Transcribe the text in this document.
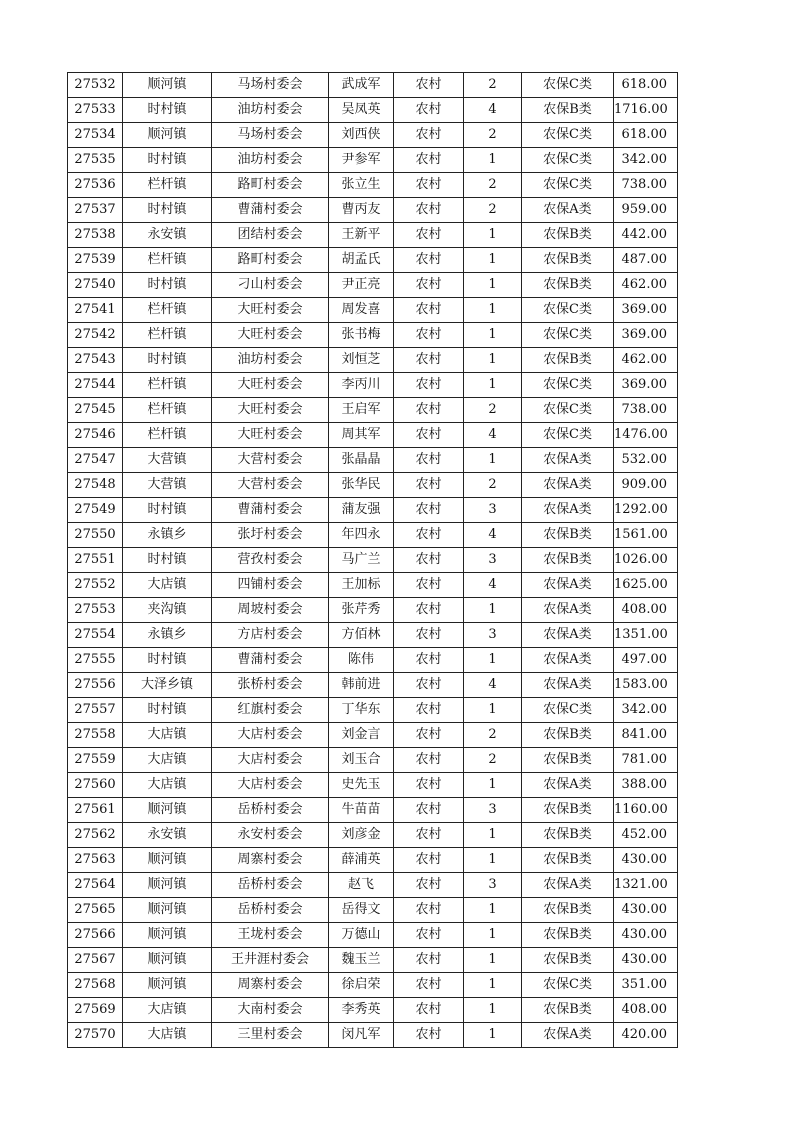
27532	顺河镇	马场村委会	武成军	农村	2	农保C类	618.00
27533	时村镇	油坊村委会	吴凤英	农村	4	农保B类	1716.00
27534	顺河镇	马场村委会	刘西侠	农村	2	农保C类	618.00
27535	时村镇	油坊村委会	尹参军	农村	1	农保C类	342.00
27536	栏杆镇	路町村委会	张立生	农村	2	农保C类	738.00
27537	时村镇	曹蒲村委会	曹丙友	农村	2	农保A类	959.00
27538	永安镇	团结村委会	王新平	农村	1	农保B类	442.00
27539	栏杆镇	路町村委会	胡孟氏	农村	1	农保B类	487.00
27540	时村镇	刁山村委会	尹正亮	农村	1	农保B类	462.00
27541	栏杆镇	大旺村委会	周发喜	农村	1	农保C类	369.00
27542	栏杆镇	大旺村委会	张书梅	农村	1	农保C类	369.00
27543	时村镇	油坊村委会	刘恒芝	农村	1	农保B类	462.00
27544	栏杆镇	大旺村委会	李丙川	农村	1	农保C类	369.00
27545	栏杆镇	大旺村委会	王启军	农村	2	农保C类	738.00
27546	栏杆镇	大旺村委会	周其军	农村	4	农保C类	1476.00
27547	大营镇	大营村委会	张晶晶	农村	1	农保A类	532.00
27548	大营镇	大营村委会	张华民	农村	2	农保A类	909.00
27549	时村镇	曹蒲村委会	蒲友强	农村	3	农保A类	1292.00
27550	永镇乡	张圩村委会	年四永	农村	4	农保B类	1561.00
27551	时村镇	营孜村委会	马广兰	农村	3	农保B类	1026.00
27552	大店镇	四铺村委会	王加标	农村	4	农保A类	1625.00
27553	夹沟镇	周坡村委会	张芹秀	农村	1	农保A类	408.00
27554	永镇乡	方店村委会	方佰林	农村	3	农保A类	1351.00
27555	时村镇	曹蒲村委会	陈伟	农村	1	农保A类	497.00
27556	大泽乡镇	张桥村委会	韩前进	农村	4	农保A类	1583.00
27557	时村镇	红旗村委会	丁华东	农村	1	农保C类	342.00
27558	大店镇	大店村委会	刘金言	农村	2	农保B类	841.00
27559	大店镇	大店村委会	刘玉合	农村	2	农保B类	781.00
27560	大店镇	大店村委会	史先玉	农村	1	农保A类	388.00
27561	顺河镇	岳桥村委会	牛苗苗	农村	3	农保B类	1160.00
27562	永安镇	永安村委会	刘彦金	农村	1	农保B类	452.00
27563	顺河镇	周寨村委会	薛浦英	农村	1	农保B类	430.00
27564	顺河镇	岳桥村委会	赵飞	农村	3	农保A类	1321.00
27565	顺河镇	岳桥村委会	岳得文	农村	1	农保B类	430.00
27566	顺河镇	王垅村委会	万德山	农村	1	农保B类	430.00
27567	顺河镇	王井涯村委会	魏玉兰	农村	1	农保B类	430.00
27568	顺河镇	周寨村委会	徐启荣	农村	1	农保C类	351.00
27569	大店镇	大南村委会	李秀英	农村	1	农保B类	408.00
27570	大店镇	三里村委会	闵凡军	农村	1	农保A类	420.00
